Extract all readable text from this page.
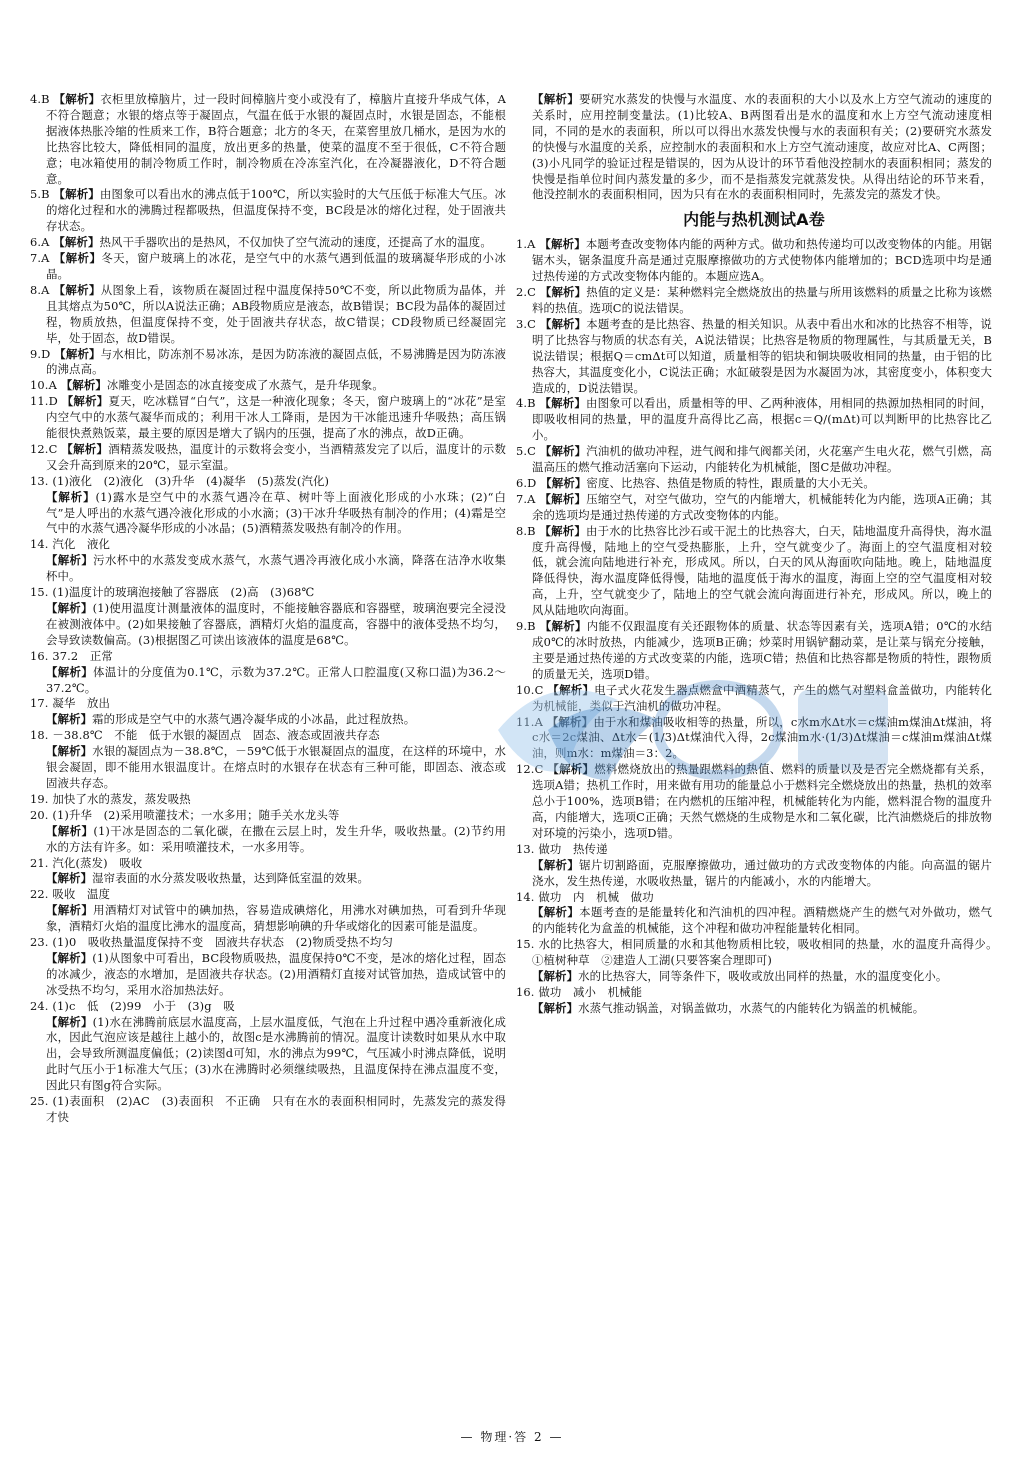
4.B 【解析】衣柜里放樟脑片，过一段时间樟脑片变小或没有了，樟脑片直接升华成气体，A不符合题意；水银的熔点等于凝固点，气温在低于水银的凝固点时，水银是固态，不能根据液体热胀冷缩的性质来工作，B符合题意；北方的冬天，在菜窖里放几桶水，是因为水的比热容比较大，降低相同的温度，放出更多的热量，使菜的温度不至于很低，C不符合题意；电冰箱使用的制冷物质工作时，制冷物质在冷冻室汽化，在冷凝器液化，D不符合题意。

5.B 【解析】由图象可以看出水的沸点低于100℃，所以实验时的大气压低于标准大气压。冰的熔化过程和水的沸腾过程都吸热，但温度保持不变，BC段是冰的熔化过程，处于固液共存状态。

6.A 【解析】热风干手器吹出的是热风，不仅加快了空气流动的速度，还提高了水的温度。

7.A 【解析】冬天，窗户玻璃上的冰花，是空气中的水蒸气遇到低温的玻璃凝华形成的小冰晶。

8.A 【解析】从图象上看，该物质在凝固过程中温度保持50℃不变，所以此物质为晶体，并且其熔点为50℃，所以A说法正确；AB段物质应是液态，故B错误；BC段为晶体的凝固过程，物质放热，但温度保持不变，处于固液共存状态，故C错误；CD段物质已经凝固完毕，处于固态，故D错误。

9.D 【解析】与水相比，防冻剂不易冰冻，是因为防冻液的凝固点低，不易沸腾是因为防冻液的沸点高。

10.A 【解析】冰雕变小是固态的冰直接变成了水蒸气，是升华现象。

11.D 【解析】夏天，吃冰糕冒“白气”，这是一种液化现象；冬天，窗户玻璃上的“冰花”是室内空气中的水蒸气凝华而成的；利用干冰人工降雨，是因为干冰能迅速升华吸热；高压锅能很快煮熟饭菜，最主要的原因是增大了锅内的压强，提高了水的沸点，故D正确。

12.C 【解析】酒精蒸发吸热，温度计的示数将会变小，当酒精蒸发完了以后，温度计的示数又会升高到原来的20℃，显示室温。

13. (1)液化　(2)液化　(3)升华　(4)凝华　(5)蒸发(汽化)

【解析】(1)露水是空气中的水蒸气遇冷在草、树叶等上面液化形成的小水珠；(2)“白气”是人呼出的水蒸气遇冷液化形成的小水滴；(3)干冰升华吸热有制冷的作用；(4)霜是空气中的水蒸气遇冷凝华形成的小冰晶；(5)酒精蒸发吸热有制冷的作用。

14. 汽化　液化

【解析】污水杯中的水蒸发变成水蒸气，水蒸气遇冷再液化成小水滴，降落在洁净水收集杯中。

15. (1)温度计的玻璃泡接触了容器底　(2)高　(3)68℃

【解析】(1)使用温度计测量液体的温度时，不能接触容器底和容器壁，玻璃泡要完全浸没在被测液体中。(2)如果接触了容器底，酒精灯火焰的温度高，容器中的液体受热不均匀，会导致读数偏高。(3)根据图乙可读出该液体的温度是68℃。

16. 37.2　正常

【解析】体温计的分度值为0.1℃，示数为37.2℃。正常人口腔温度(又称口温)为36.2～37.2℃。

17. 凝华　放出

【解析】霜的形成是空气中的水蒸气遇冷凝华成的小冰晶，此过程放热。

18. －38.8℃　不能　低于水银的凝固点　固态、液态或固液共存态

【解析】水银的凝固点为－38.8℃，－59℃低于水银凝固点的温度，在这样的环境中，水银会凝固，即不能用水银温度计。在熔点时的水银存在状态有三种可能，即固态、液态或固液共存态。

19. 加快了水的蒸发，蒸发吸热

20. (1)升华　(2)采用喷灌技术；一水多用；随手关水龙头等

【解析】(1)干冰是固态的二氧化碳，在撒在云层上时，发生升华，吸收热量。(2)节约用水的方法有许多。如：采用喷灌技术，一水多用等。

21. 汽化(蒸发)　吸收

【解析】湿帘表面的水分蒸发吸收热量，达到降低室温的效果。

22. 吸收　温度

【解析】用酒精灯对试管中的碘加热，容易造成碘熔化，用沸水对碘加热，可看到升华现象，酒精灯火焰的温度比沸水的温度高，猜想影响碘的升华或熔化的因素可能是温度。

23. (1)0　吸收热量温度保持不变　固液共存状态　(2)物质受热不均匀

【解析】(1)从图象中可看出，BC段物质吸热，温度保持0℃不变，是冰的熔化过程，固态的冰减少，液态的水增加，是固液共存状态。(2)用酒精灯直接对试管加热，造成试管中的冰受热不均匀，采用水浴加热法好。

24. (1)c　低　(2)99　小于　(3)g　吸

【解析】(1)水在沸腾前底层水温度高，上层水温度低，气泡在上升过程中遇冷重新液化成水，因此气泡应该是越往上越小的，故图c是水沸腾前的情况。温度计读数时如果从水中取出，会导致所测温度偏低；(2)读图d可知，水的沸点为99℃，气压减小时沸点降低，说明此时气压小于1标准大气压；(3)水在沸腾时必须继续吸热，且温度保持在沸点温度不变，因此只有图g符合实际。

25. (1)表面积　(2)AC　(3)表面积　不正确　只有在水的表面积相同时，先蒸发完的蒸发得才快

【解析】要研究水蒸发的快慢与水温度、水的表面积的大小以及水上方空气流动的速度的关系时，应用控制变量法。(1)比较A、B两图看出是水的温度和水上方空气流动速度相同，不同的是水的表面积，所以可以得出水蒸发快慢与水的表面积有关；(2)要研究水蒸发的快慢与水温度的关系，应控制水的表面积和水上方空气流动速度，故应对比A、C两图；(3)小凡同学的验证过程是错误的，因为从设计的环节看他没控制水的表面积相同；蒸发的快慢是指单位时间内蒸发量的多少，而不是指蒸发完就蒸发快。从得出结论的环节来看，他没控制水的表面积相同，因为只有在水的表面积相同时，先蒸发完的蒸发才快。

内能与热机测试A卷

1.A 【解析】本题考查改变物体内能的两种方式。做功和热传递均可以改变物体的内能。用锯锯木头，锯条温度升高是通过克服摩擦做功的方式使物体内能增加的；BCD选项中均是通过热传递的方式改变物体内能的。本题应选A。

2.C 【解析】热值的定义是：某种燃料完全燃烧放出的热量与所用该燃料的质量之比称为该燃料的热值。选项C的说法错误。

3.C 【解析】本题考查的是比热容、热量的相关知识。从表中看出水和冰的比热容不相等，说明了比热容与物质的状态有关，A说法错误；比热容是物质的物理属性，与其质量无关，B说法错误；根据Q＝cmΔt可以知道，质量相等的铝块和铜块吸收相同的热量，由于铝的比热容大，其温度变化小，C说法正确；水缸破裂是因为水凝固为冰，其密度变小，体积变大造成的，D说法错误。

4.B 【解析】由图象可以看出，质量相等的甲、乙两种液体，用相同的热源加热相同的时间，即吸收相同的热量，甲的温度升高得比乙高，根据c＝Q/(mΔt)可以判断甲的比热容比乙小。

5.C 【解析】汽油机的做功冲程，进气阀和排气阀都关闭，火花塞产生电火花，燃气引燃，高温高压的燃气推动活塞向下运动，内能转化为机械能，图C是做功冲程。

6.D 【解析】密度、比热容、热值是物质的特性，跟质量的大小无关。

7.A 【解析】压缩空气，对空气做功，空气的内能增大，机械能转化为内能，选项A正确；其余的选项均是通过热传递的方式改变物体的内能。

8.B 【解析】由于水的比热容比沙石或干泥土的比热容大，白天，陆地温度升高得快，海水温度升高得慢，陆地上的空气受热膨胀，上升，空气就变少了。海面上的空气温度相对较低，就会流向陆地进行补充，形成风。所以，白天的风从海面吹向陆地。晚上，陆地温度降低得快，海水温度降低得慢，陆地的温度低于海水的温度，海面上空的空气温度相对较高，上升，空气就变少了，陆地上的空气就会流向海面进行补充，形成风。所以，晚上的风从陆地吹向海面。

9.B 【解析】内能不仅跟温度有关还跟物体的质量、状态等因素有关，选项A错；0℃的水结成0℃的冰时放热，内能减少，选项B正确；炒菜时用锅铲翻动菜，是让菜与锅充分接触，主要是通过热传递的方式改变菜的内能，选项C错；热值和比热容都是物质的特性，跟物质的质量无关，选项D错。

10.C 【解析】电子式火花发生器点燃盒中酒精蒸气，产生的燃气对塑料盒盖做功，内能转化为机械能，类似于汽油机的做功冲程。

11.A 【解析】由于水和煤油吸收相等的热量，所以，c水m水Δt水＝c煤油m煤油Δt煤油，将c水＝2c煤油、Δt水＝(1/3)Δt煤油代入得，2c煤油m水·(1/3)Δt煤油＝c煤油m煤油Δt煤油，则m水：m煤油＝3：2。

12.C 【解析】燃料燃烧放出的热量跟燃料的热值、燃料的质量以及是否完全燃烧都有关系，选项A错；热机工作时，用来做有用功的能量总小于燃料完全燃烧放出的热量，热机的效率总小于100%，选项B错；在内燃机的压缩冲程，机械能转化为内能，燃料混合物的温度升高，内能增大，选项C正确；天然气燃烧的生成物是水和二氧化碳，比汽油燃烧后的排放物对环境的污染小，选项D错。

13. 做功　热传递

【解析】锯片切割路面，克服摩擦做功，通过做功的方式改变物体的内能。向高温的锯片浇水，发生热传递，水吸收热量，锯片的内能减小，水的内能增大。

14. 做功　内　机械　做功

【解析】本题考查的是能量转化和汽油机的四冲程。酒精燃烧产生的燃气对外做功，燃气的内能转化为盒盖的机械能，这个冲程和做功冲程能量转化相同。

15. 水的比热容大，相同质量的水和其他物质相比较，吸收相同的热量，水的温度升高得少。　①植树种草　②建造人工湖(只要答案合理即可)

【解析】水的比热容大，同等条件下，吸收或放出同样的热量，水的温度变化小。

16. 做功　减小　机械能

【解析】水蒸气推动锅盖，对锅盖做功，水蒸气的内能转化为锅盖的机械能。

— 物理·答 2 —
